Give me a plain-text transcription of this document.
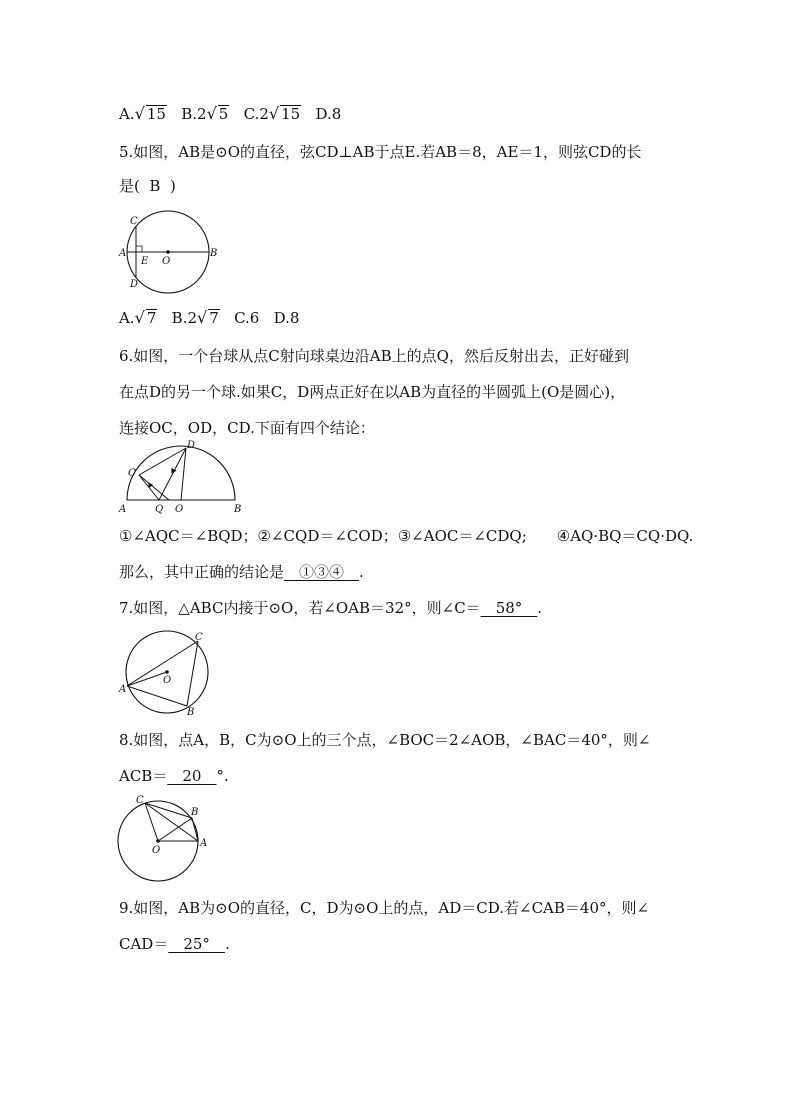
A.√ 15 B.2√ 5 C.2√ 15 D.8
5.如图，AB是⊙O的直径，弦CD⊥AB于点E.若AB＝8，AE＝1，则弦CD的长
是( B )
C
A
E O
B
D
A.√ 7 B.2√ 7 C.6 D.8
6.如图，一个台球从点C射向球桌边沿AB上的点Q，然后反射出去，正好碰到
在点D的另一个球.如果C，D两点正好在以AB为直径的半圆弧上(O是圆心)，
连接OC，OD，CD.下面有四个结论：
D
C
A	Q O	B
①∠AQC＝∠BQD；②∠CQD＝∠COD；③∠AOC＝∠CDQ;　　④AQ·BQ＝CQ·DQ.
那么，其中正确的结论是__①③④__.
7.如图，△ABC内接于⊙O，若∠OAB＝32°，则∠C＝__58°__.
C
O
A
B
8.如图，点A，B，C为⊙O上的三个点，∠BOC＝2∠AOB，∠BAC＝40°，则∠
ACB＝__20__°.
C
B
A
O
9.如图，AB为⊙O的直径，C，D为⊙O上的点，AD＝CD.若∠CAB＝40°，则∠
CAD＝__25°__.
